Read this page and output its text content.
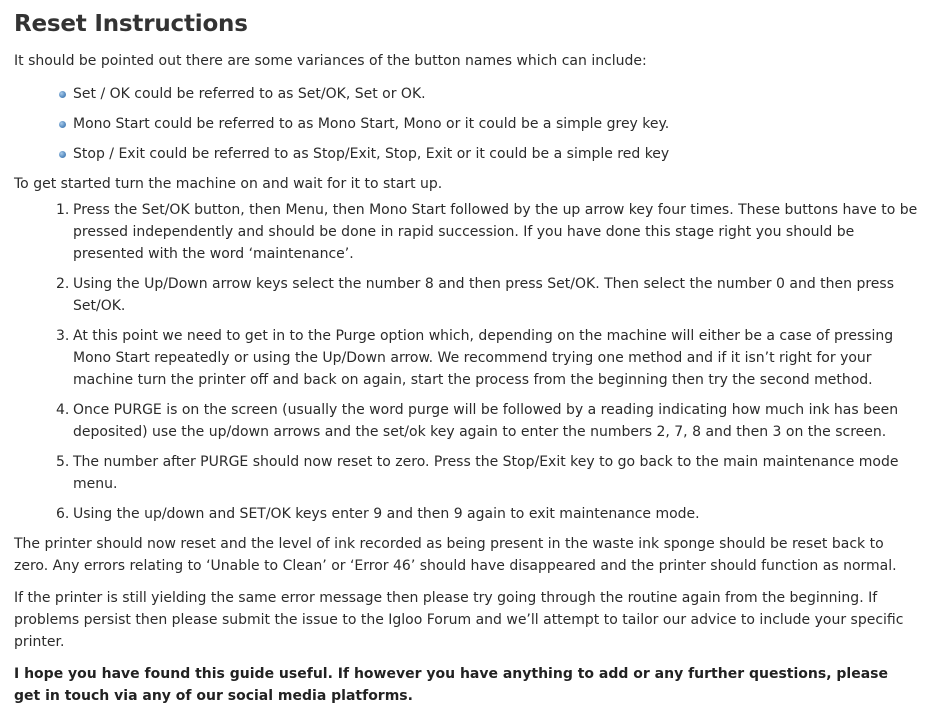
Reset Instructions

It should be pointed out there are some variances of the button names which can include:

Set / OK could be referred to as Set/OK, Set or OK.
Mono Start could be referred to as Mono Start, Mono or it could be a simple grey key.
Stop / Exit could be referred to as Stop/Exit, Stop, Exit or it could be a simple red key

To get started turn the machine on and wait for it to start up.

1. Press the Set/OK button, then Menu, then Mono Start followed by the up arrow key four times. These buttons have to be pressed independently and should be done in rapid succession. If you have done this stage right you should be presented with the word ‘maintenance’.
2. Using the Up/Down arrow keys select the number 8 and then press Set/OK. Then select the number 0 and then press Set/OK.
3. At this point we need to get in to the Purge option which, depending on the machine will either be a case of pressing Mono Start repeatedly or using the Up/Down arrow. We recommend trying one method and if it isn’t right for your machine turn the printer off and back on again, start the process from the beginning then try the second method.
4. Once PURGE is on the screen (usually the word purge will be followed by a reading indicating how much ink has been deposited) use the up/down arrows and the set/ok key again to enter the numbers 2, 7, 8 and then 3 on the screen.
5. The number after PURGE should now reset to zero. Press the Stop/Exit key to go back to the main maintenance mode menu.
6. Using the up/down and SET/OK keys enter 9 and then 9 again to exit maintenance mode.

The printer should now reset and the level of ink recorded as being present in the waste ink sponge should be reset back to zero. Any errors relating to ‘Unable to Clean’ or ‘Error 46’ should have disappeared and the printer should function as normal.

If the printer is still yielding the same error message then please try going through the routine again from the beginning. If problems persist then please submit the issue to the Igloo Forum and we’ll attempt to tailor our advice to include your specific printer.

I hope you have found this guide useful. If however you have anything to add or any further questions, please get in touch via any of our social media platforms.
